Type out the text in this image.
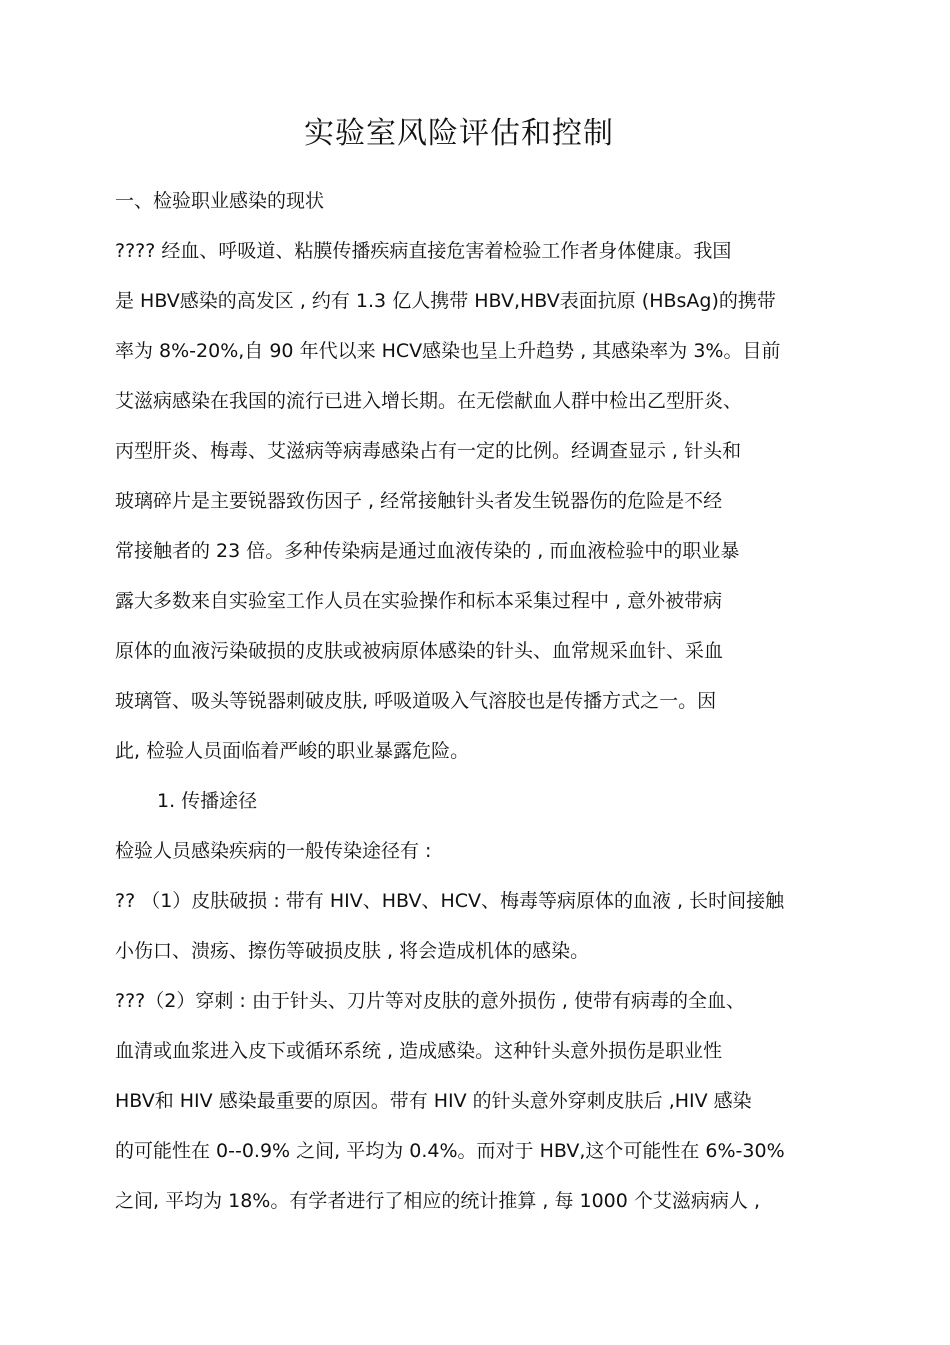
实验室风险评估和控制
一、检验职业感染的现状
???? 经血、呼吸道、粘膜传播疾病直接危害着检验工作者身体健康。我国
是 HBV感染的高发区 , 约有 1.3 亿人携带 HBV,HBV表面抗原 (HBsAg)的携带
率为 8%-20%,自 90 年代以来 HCV感染也呈上升趋势 , 其感染率为 3%。目前
艾滋病感染在我国的流行已进入增长期。在无偿献血人群中检出乙型肝炎、
丙型肝炎、梅毒、艾滋病等病毒感染占有一定的比例。经调查显示 , 针头和
玻璃碎片是主要锐器致伤因子 , 经常接触针头者发生锐器伤的危险是不经
常接触者的 23 倍。多种传染病是通过血液传染的 , 而血液检验中的职业暴
露大多数来自实验室工作人员在实验操作和标本采集过程中 , 意外被带病
原体的血液污染破损的皮肤或被病原体感染的针头、血常规采血针、采血
玻璃管、吸头等锐器刺破皮肤, 呼吸道吸入气溶胶也是传播方式之一。因
此, 检验人员面临着严峻的职业暴露危险。
1. 传播途径
检验人员感染疾病的一般传染途径有 :
?? （1）皮肤破损 : 带有 HIV、HBV、HCV、梅毒等病原体的血液 , 长时间接触
小伤口、溃疡、擦伤等破损皮肤 , 将会造成机体的感染。
???（2）穿刺 : 由于针头、刀片等对皮肤的意外损伤 , 使带有病毒的全血、
血清或血浆进入皮下或循环系统 , 造成感染。这种针头意外损伤是职业性
HBV和 HIV 感染最重要的原因。带有 HIV 的针头意外穿刺皮肤后 ,HIV 感染
的可能性在 0--0.9% 之间, 平均为 0.4%。而对于 HBV,这个可能性在 6%-30%
之间, 平均为 18%。有学者进行了相应的统计推算 , 每 1000 个艾滋病病人 ,
